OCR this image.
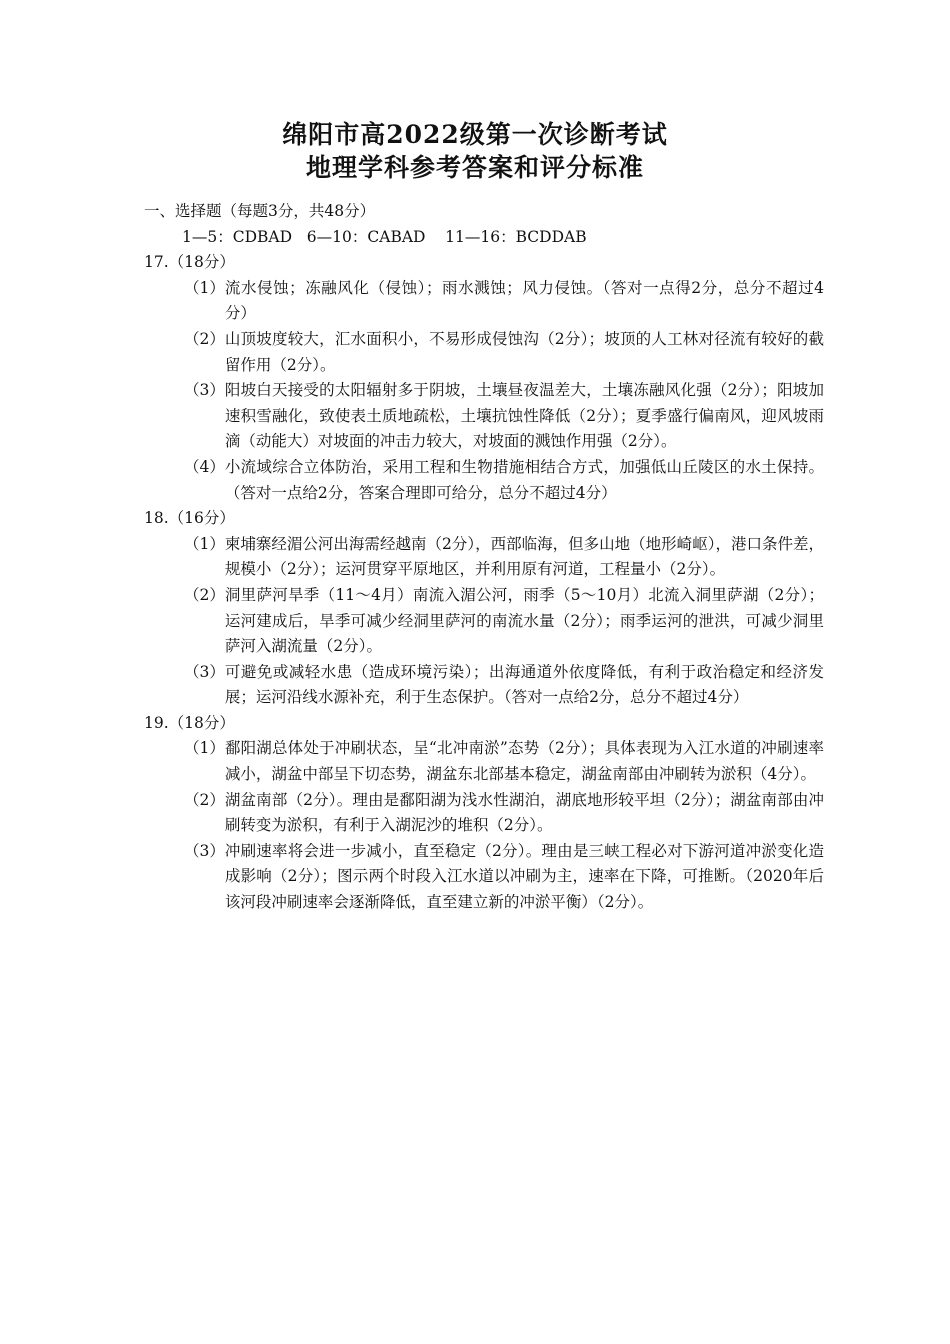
绵阳市高2022级第一次诊断考试
地理学科参考答案和评分标准

一、选择题（每题3分，共48分）

1—5：CDBAD   6—10：CABAD    11—16：BCDDAB

17.（18分）

（1） 流水侵蚀；冻融风化（侵蚀）；雨水溅蚀；风力侵蚀。（答对一点得2分，总分不超过4分）
（2） 山顶坡度较大，汇水面积小，不易形成侵蚀沟（2分）；坡顶的人工林对径流有较好的截留作用（2分）。
（3） 阳坡白天接受的太阳辐射多于阴坡，土壤昼夜温差大，土壤冻融风化强（2分）；阳坡加速积雪融化，致使表土质地疏松，土壤抗蚀性降低（2分）；夏季盛行偏南风，迎风坡雨滴（动能大）对坡面的冲击力较大，对坡面的溅蚀作用强（2分）。
（4） 小流域综合立体防治，采用工程和生物措施相结合方式，加强低山丘陵区的水土保持。（答对一点给2分，答案合理即可给分，总分不超过4分）

18.（16分）

（1） 柬埔寨经湄公河出海需经越南（2分），西部临海，但多山地（地形崎岖），港口条件差，规模小（2分）；运河贯穿平原地区，并利用原有河道，工程量小（2分）。
（2） 洞里萨河旱季（11～4月）南流入湄公河，雨季（5～10月）北流入洞里萨湖（2分）；运河建成后，旱季可减少经洞里萨河的南流水量（2分）；雨季运河的泄洪，可减少洞里萨河入湖流量（2分）。
（3） 可避免或减轻水患（造成环境污染）；出海通道外依度降低，有利于政治稳定和经济发展；运河沿线水源补充，利于生态保护。（答对一点给2分，总分不超过4分）

19.（18分）

（1） 鄱阳湖总体处于冲刷状态，呈“北冲南淤”态势（2分）；具体表现为入江水道的冲刷速率减小，湖盆中部呈下切态势，湖盆东北部基本稳定，湖盆南部由冲刷转为淤积（4分）。
（2） 湖盆南部（2分）。理由是鄱阳湖为浅水性湖泊，湖底地形较平坦（2分）；湖盆南部由冲刷转变为淤积，有利于入湖泥沙的堆积（2分）。
（3） 冲刷速率将会进一步减小，直至稳定（2分）。理由是三峡工程必对下游河道冲淤变化造成影响（2分）；图示两个时段入江水道以冲刷为主，速率在下降，可推断。（2020年后该河段冲刷速率会逐渐降低，直至建立新的冲淤平衡）（2分）。
